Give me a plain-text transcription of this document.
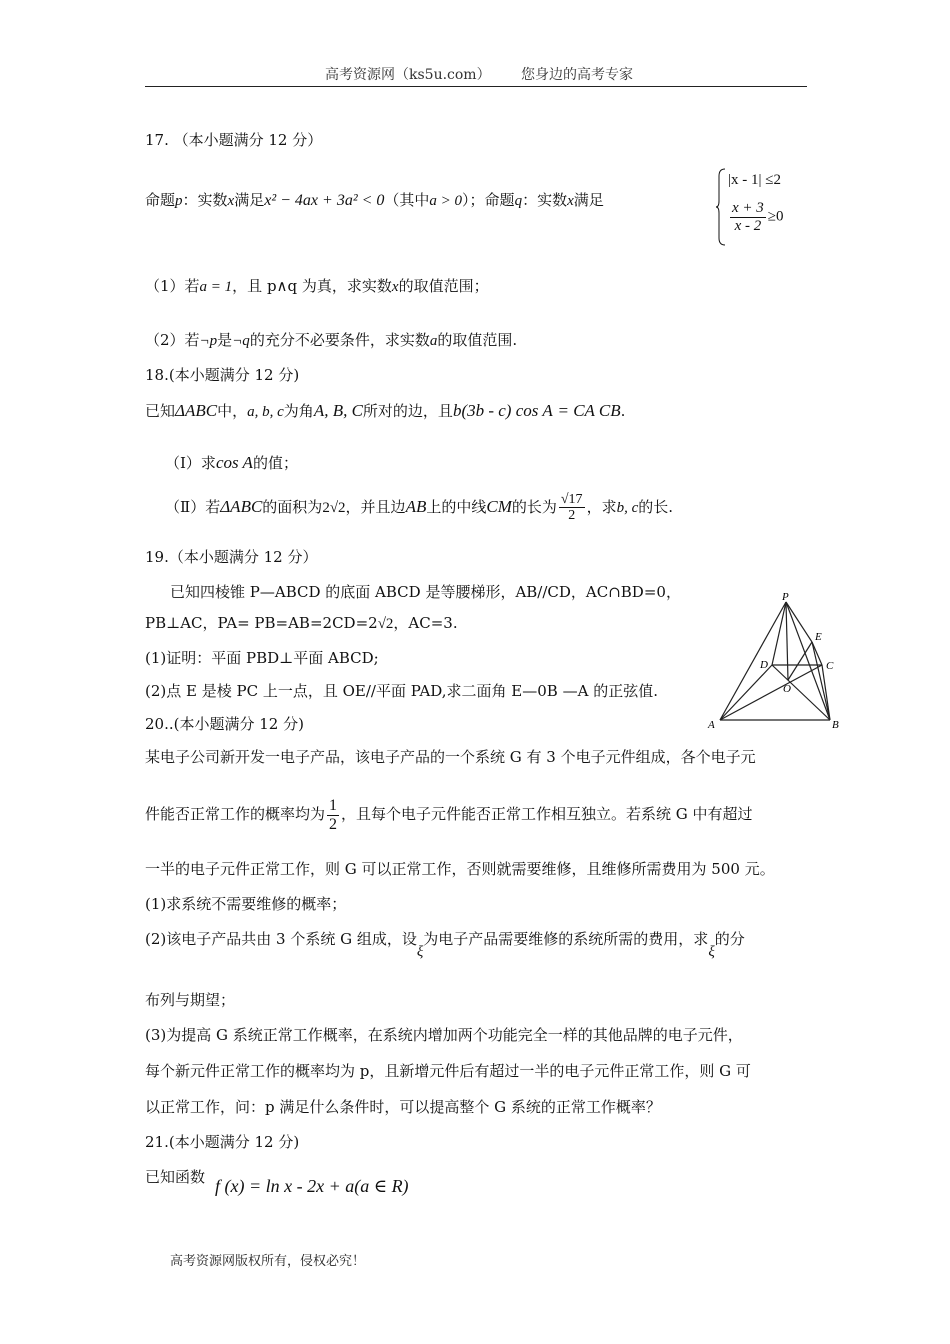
高考资源网（ks5u.com） 您身边的高考专家
17. （本小题满分 12 分）
命题p：实数x满足x² − 4ax + 3a² < 0（其中a > 0）；命题q：实数x满足
|x - 1| ≤2
$\frac{x + 3}{x - 2} \ge 0$
（1）若a = 1，且 p∧q 为真，求实数x的取值范围；
（2）若¬p是¬q的充分不必要条件，求实数a的取值范围.
18.(本小题满分 12 分)
已知ΔABC中，a, b, c为角A, B, C所对的边，且b(3b - c) cos A = CA CB.
（Ⅰ）求cos A的值；
（Ⅱ）若ΔABC的面积为2√2，并且边AB上的中线CM的长为 $\frac{√17}{2}$ ，求b, c的长.
19.（本小题满分 12 分）
已知四棱锥 P—ABCD 的底面 ABCD 是等腰梯形，AB//CD，AC∩BD=0，
PB⊥AC，PA= PB=AB=2CD=2√2，AC=3.
(1)证明：平面 PBD⊥平面 ABCD;
(2)点 E 是棱 PC 上一点，且 OE//平面 PAD,求二面角 E—0B —A 的正弦值.
P
E
D	C
O
A	B
20..(本小题满分 12 分)
某电子公司新开发一电子产品，该电子产品的一个系统 G 有 3 个电子元件组成，各个电子元
件能否正常工作的概率均为 $\frac{1}{2}$ ，且每个电子元件能否正常工作相互独立。若系统 G 中有超过
一半的电子元件正常工作，则 G 可以正常工作，否则就需要维修，且维修所需费用为 500 元。
(1)求系统不需要维修的概率；
(2)该电子产品共由 3 个系统 G 组成，设ξ为电子产品需要维修的系统所需的费用，求ξ的分
布列与期望；
(3)为提高 G 系统正常工作概率，在系统内增加两个功能完全一样的其他品牌的电子元件，
每个新元件正常工作的概率均为 p，且新增元件后有超过一半的电子元件正常工作，则 G 可
以正常工作，问：p 满足什么条件时，可以提高整个 G 系统的正常工作概率？
21.(本小题满分 12 分)
已知函数 f (x) = ln x - 2x + a(a ∈ R)
高考资源网版权所有，侵权必究！
